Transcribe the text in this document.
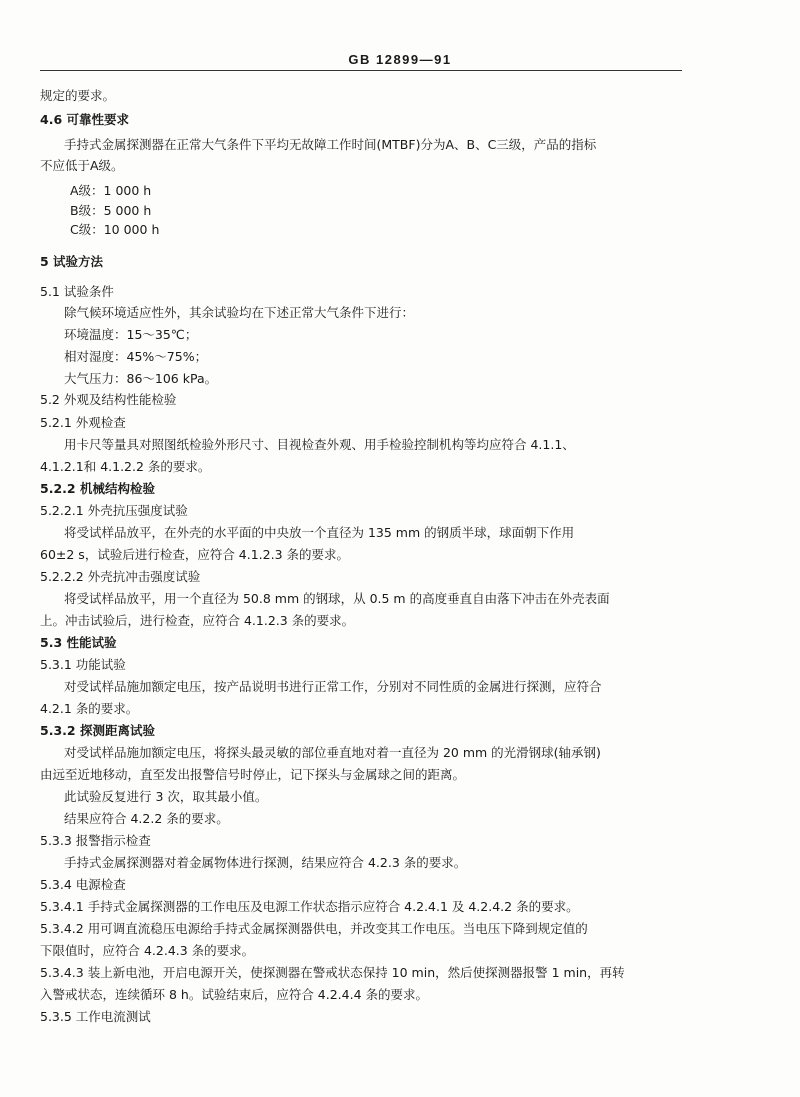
GB 12899—91
规定的要求。
4.6 可靠性要求
手持式金属探测器在正常大气条件下平均无故障工作时间(MTBF)分为A、B、C三级，产品的指标
不应低于A级。
A级：1 000 h
B级：5 000 h
C级：10 000 h
5 试验方法
5.1 试验条件
除气候环境适应性外，其余试验均在下述正常大气条件下进行：
环境温度：15～35℃；
相对湿度：45%～75%；
大气压力：86～106 kPa。
5.2 外观及结构性能检验
5.2.1 外观检查
用卡尺等量具对照图纸检验外形尺寸、目视检查外观、用手检验控制机构等均应符合 4.1.1、
4.1.2.1和 4.1.2.2 条的要求。
5.2.2 机械结构检验
5.2.2.1 外壳抗压强度试验
将受试样品放平，在外壳的水平面的中央放一个直径为 135 mm 的钢质半球，球面朝下作用
60±2 s，试验后进行检查，应符合 4.1.2.3 条的要求。
5.2.2.2 外壳抗冲击强度试验
将受试样品放平，用一个直径为 50.8 mm 的钢球，从 0.5 m 的高度垂直自由落下冲击在外壳表面
上。冲击试验后，进行检查，应符合 4.1.2.3 条的要求。
5.3 性能试验
5.3.1 功能试验
对受试样品施加额定电压，按产品说明书进行正常工作，分别对不同性质的金属进行探测，应符合
4.2.1 条的要求。
5.3.2 探测距离试验
对受试样品施加额定电压，将探头最灵敏的部位垂直地对着一直径为 20 mm 的光滑钢球(轴承钢)
由远至近地移动，直至发出报警信号时停止，记下探头与金属球之间的距离。
此试验反复进行 3 次，取其最小值。
结果应符合 4.2.2 条的要求。
5.3.3 报警指示检查
手持式金属探测器对着金属物体进行探测，结果应符合 4.2.3 条的要求。
5.3.4 电源检查
5.3.4.1 手持式金属探测器的工作电压及电源工作状态指示应符合 4.2.4.1 及 4.2.4.2 条的要求。
5.3.4.2 用可调直流稳压电源给手持式金属探测器供电，并改变其工作电压。当电压下降到规定值的
下限值时，应符合 4.2.4.3 条的要求。
5.3.4.3 装上新电池，开启电源开关，使探测器在警戒状态保持 10 min，然后使探测器报警 1 min，再转
入警戒状态，连续循环 8 h。试验结束后，应符合 4.2.4.4 条的要求。
5.3.5 工作电流测试
